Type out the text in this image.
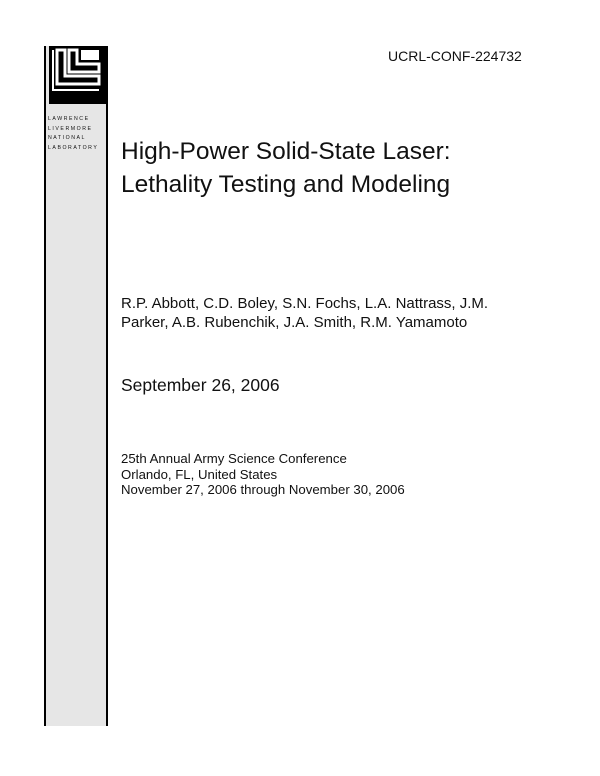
LAWRENCE
LIVERMORE
NATIONAL
LABORATORY
UCRL-CONF-224732
High-Power Solid-State Laser:
Lethality Testing and Modeling
R.P. Abbott, C.D. Boley, S.N. Fochs, L.A. Nattrass, J.M.
Parker, A.B. Rubenchik, J.A. Smith, R.M. Yamamoto
September 26, 2006
25th Annual Army Science Conference
Orlando, FL, United States
November 27, 2006 through November 30, 2006
